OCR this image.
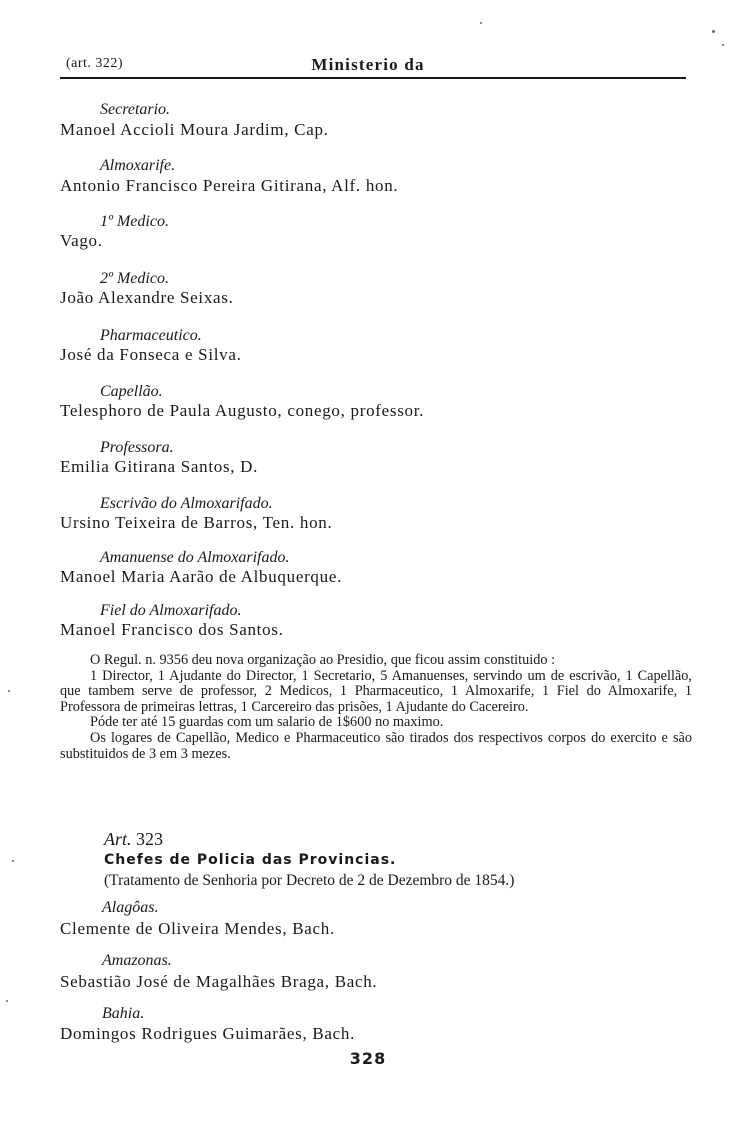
(art. 322)	Ministerio da
Secretario.
Manoel Accioli Moura Jardim, Cap.
Almoxarife.
Antonio Francisco Pereira Gitirana, Alf. hon.
1º Medico.
Vago.
2º Medico.
João Alexandre Seixas.
Pharmaceutico.
José da Fonseca e Silva.
Capellão.
Telesphoro de Paula Augusto, conego, professor.
Professora.
Emilia Gitirana Santos, D.
Escrivão do Almoxarifado.
Ursino Teixeira de Barros, Ten. hon.
Amanuense do Almoxarifado.
Manoel Maria Aarão de Albuquerque.
Fiel do Almoxarifado.
Manoel Francisco dos Santos.

O Regul. n. 9356 deu nova organização ao Presidio, que ficou assim constituido :

1 Director, 1 Ajudante do Director, 1 Secretario, 5 Amanuenses, servindo um de escrivão, 1 Capellão, que tambem serve de professor, 2 Medicos, 1 Pharmaceutico, 1 Almoxarife, 1 Fiel do Almoxarife, 1 Professora de primeiras lettras, 1 Carcereiro das prisões, 1 Ajudante do Cacereiro.

Póde ter até 15 guardas com um salario de 1$600 no maximo.

Os logares de Capellão, Medico e Pharmaceutico são tirados dos respectivos corpos do exercito e são substituidos de 3 em 3 mezes.

Art. 323
Chefes de Policia das Provincias.
(Tratamento de Senhoria por Decreto de 2 de Dezembro de 1854.)
Alagôas.
Clemente de Oliveira Mendes, Bach.
Amazonas.
Sebastião José de Magalhães Braga, Bach.
Bahia.
Domingos Rodrigues Guimarães, Bach.
328
